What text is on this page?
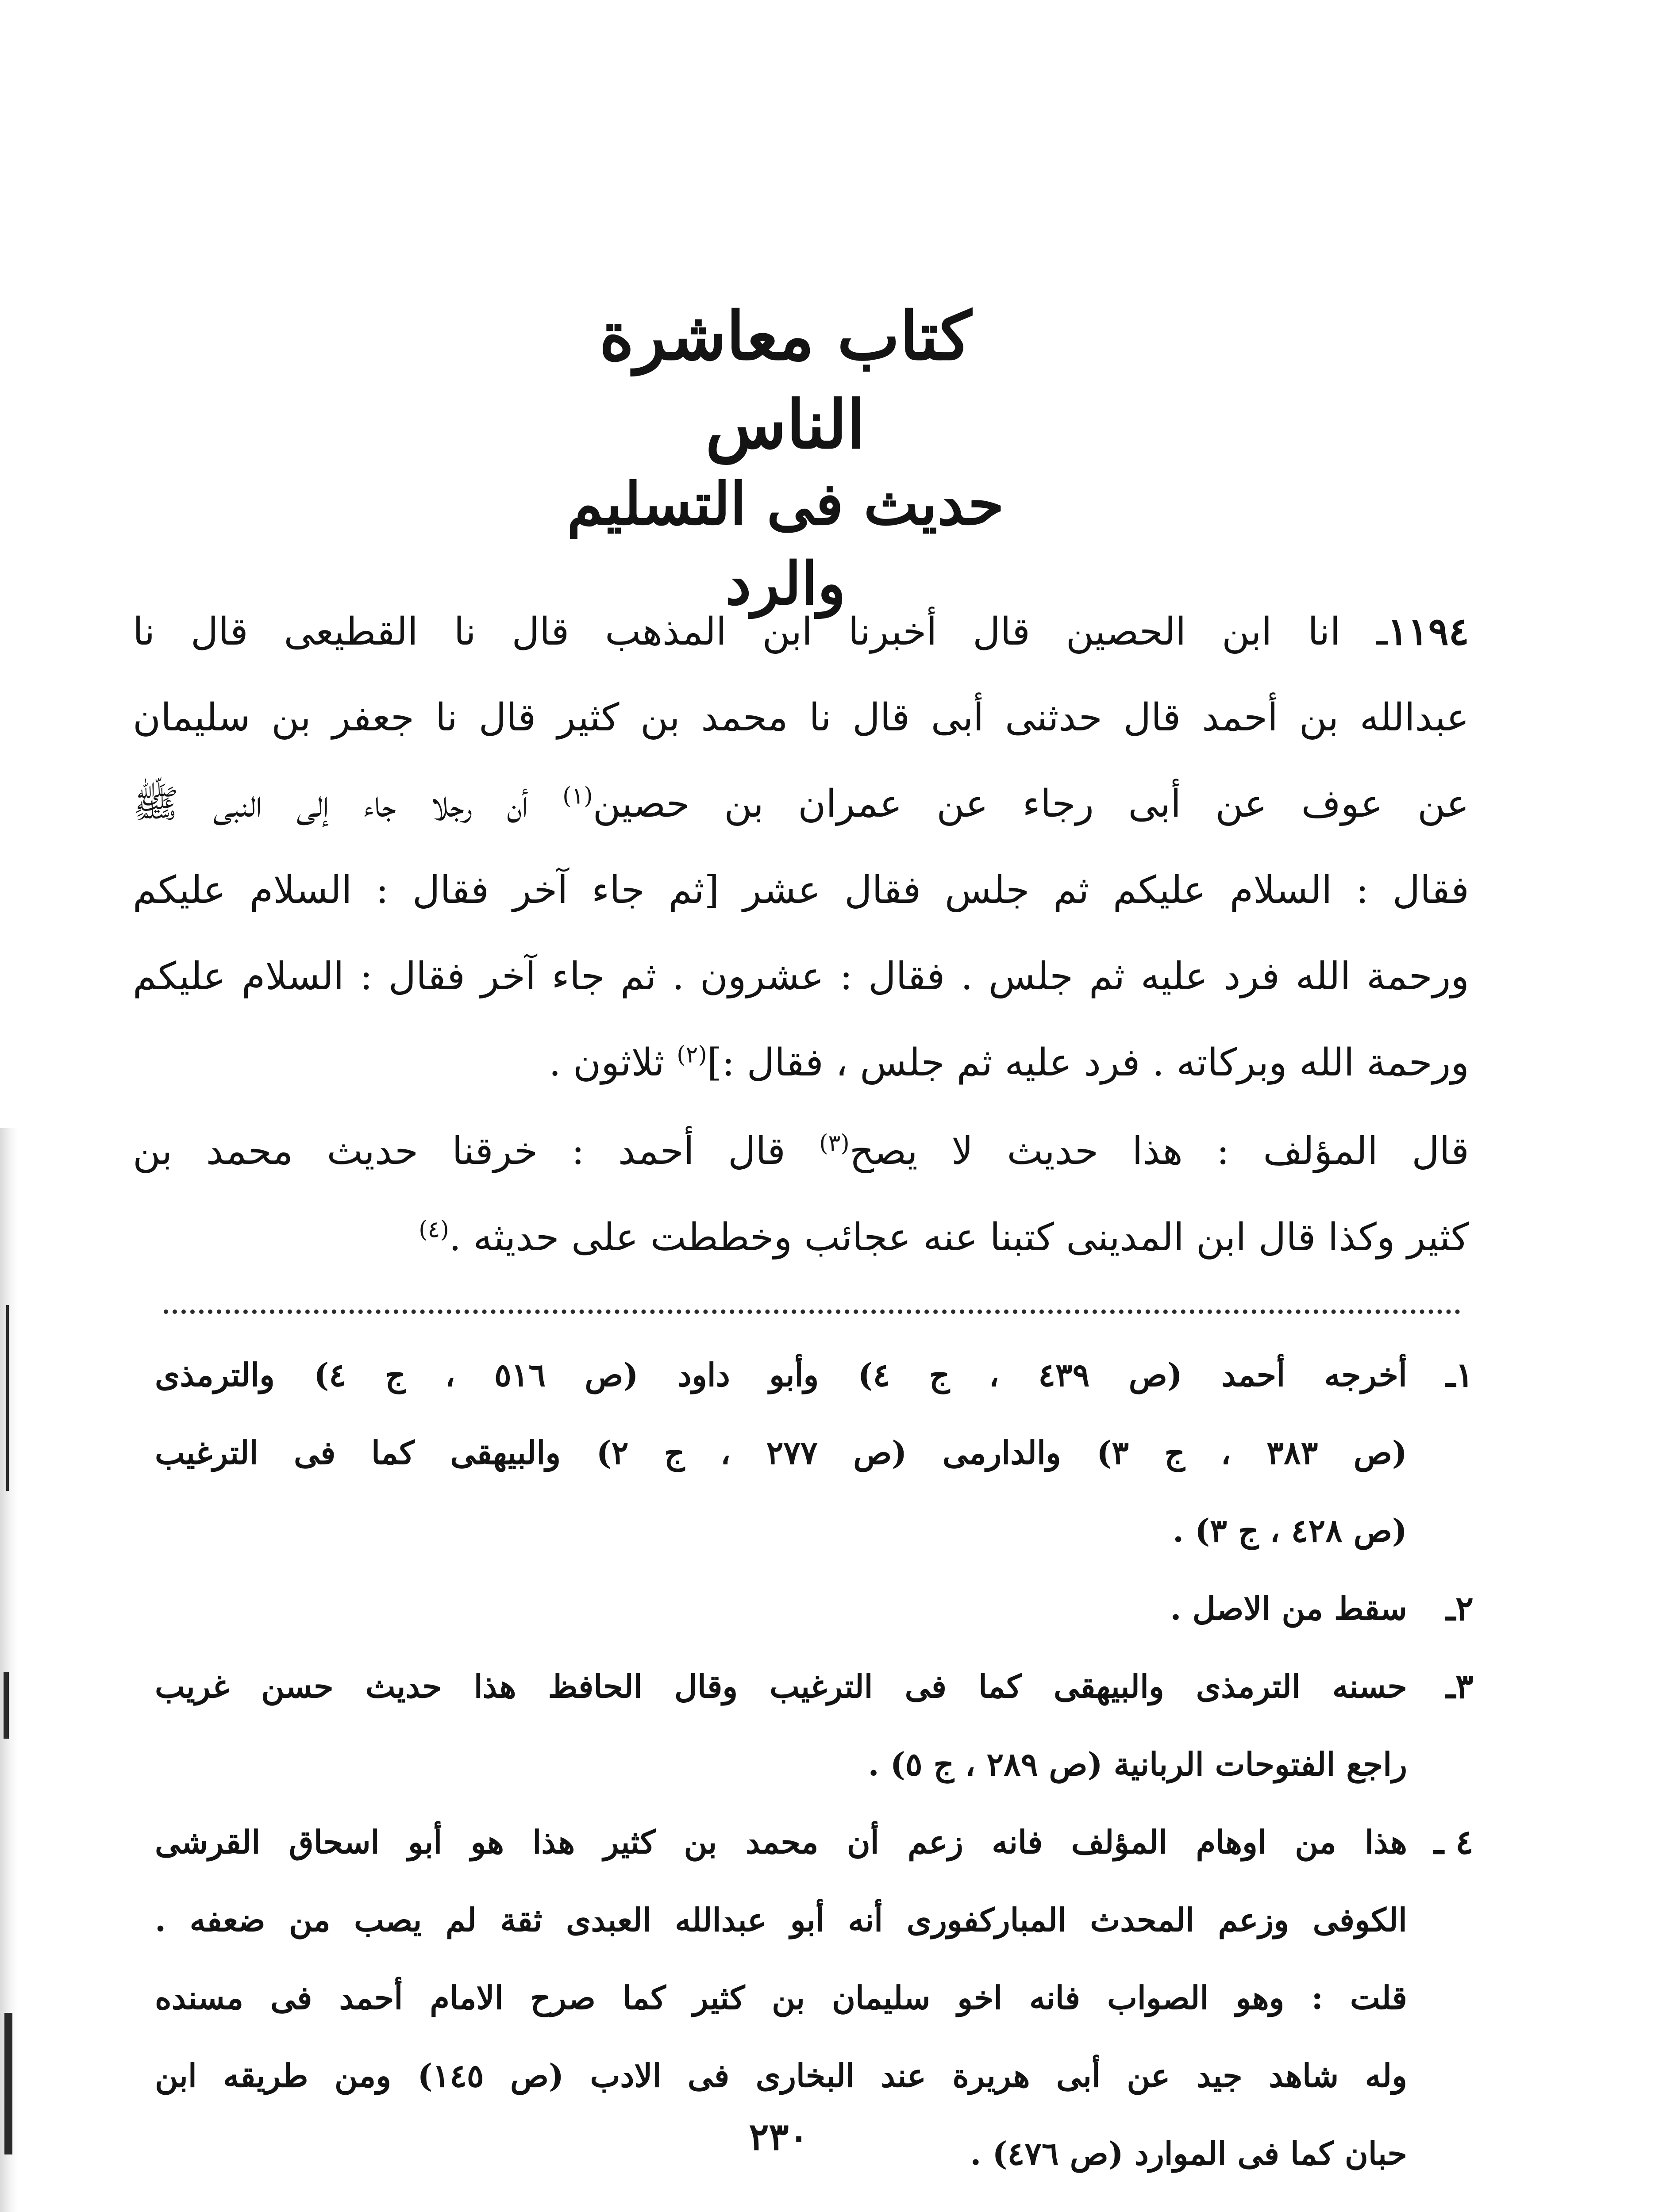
كتاب معاشرة الناس
حديث فى التسليم والرد
١١٩٤ـ انا ابن الحصين قال أخبرنا ابن المذهب قال نا القطيعى قال نا
عبدالله بن أحمد قال حدثنى أبى قال نا محمد بن كثير قال نا جعفر بن سليمان
عن عوف عن أبى رجاء عن عمران بن حصين$^{(١)}$ أن رجلا جاء إلى النبى ﷺ
فقال : السلام عليكم ثم جلس فقال عشر [ثم جاء آخر فقال : السلام عليكم
ورحمة الله فرد عليه ثم جلس . فقال : عشرون . ثم جاء آخر فقال : السلام عليكم
ورحمة الله وبركاته . فرد عليه ثم جلس ، فقال :]$^{(٢)}$ ثلاثون .
قال المؤلف : هذا حديث لا يصح$^{(٣)}$ قال أحمد : خرقنا حديث محمد بن
كثير وكذا قال ابن المدينى كتبنا عنه عجائب وخططت على حديثه .$^{(٤)}$
١ـ
أخرجه أحمد (ص ٤٣٩ ، ج ٤) وأبو داود (ص ٥١٦ ، ج ٤) والترمذى
(ص ٣٨٣ ، ج ٣) والدارمى (ص ٢٧٧ ، ج ٢) والبيهقى كما فى الترغيب
(ص ٤٢٨ ، ج ٣) .
٢ـ
سقط من الاصل .
٣ـ
حسنه الترمذى والبيهقى كما فى الترغيب وقال الحافظ هذا حديث حسن غريب
راجع الفتوحات الربانية (ص ٢٨٩ ، ج ٥) .
٤ ـ
هذا من اوهام المؤلف فانه زعم أن محمد بن كثير هذا هو أبو اسحاق القرشى
الكوفى وزعم المحدث المباركفورى أنه أبو عبدالله العبدى ثقة لم يصب من ضعفه .
قلت : وهو الصواب فانه اخو سليمان بن كثير كما صرح الامام أحمد فى مسنده
وله شاهد جيد عن أبى هريرة عند البخارى فى الادب (ص ١٤٥) ومن طريقه ابن
حبان كما فى الموارد (ص ٤٧٦) .
٢٣٠
